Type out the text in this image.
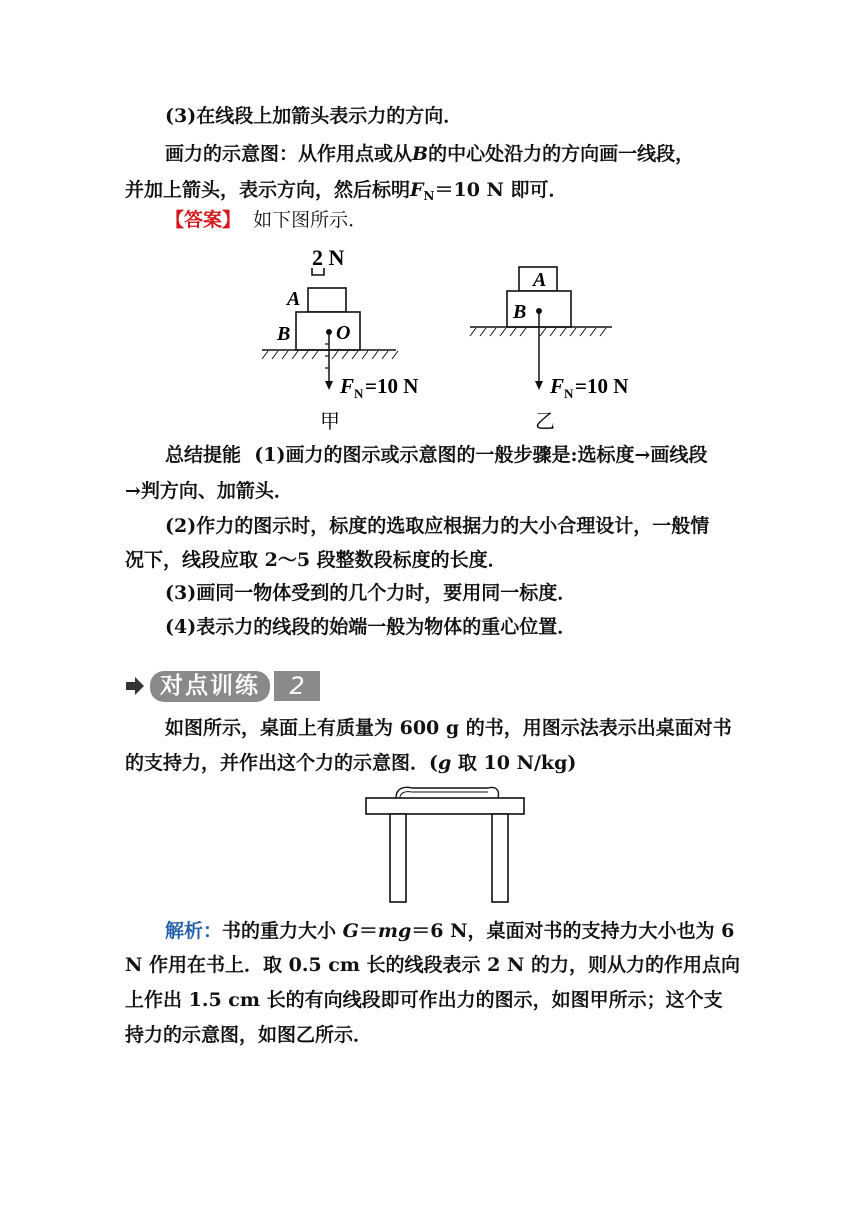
(3)在线段上加箭头表示力的方向．
画力的示意图：从作用点或从B的中心处沿力的方向画一线段，
并加上箭头，表示方向，然后标明$F_N=10$ N 即可．
【答案】 如下图所示．
2 N
A
B O
F N =10 N
甲
A
B
F N =10 N
乙
总结提能 (1)画力的图示或示意图的一般步骤是:选标度→画线段
→判方向、加箭头．
(2)作力的图示时，标度的选取应根据力的大小合理设计，一般情
况下，线段应取 2～5 段整数段标度的长度．
(3)画同一物体受到的几个力时，要用同一标度．
(4)表示力的线段的始端一般为物体的重心位置．
对点训练	2
如图所示，桌面上有质量为 600 g 的书，用图示法表示出桌面对书
的支持力，并作出这个力的示意图．(g 取 10 N/kg)
解析：书的重力大小 G＝mg＝6 N，桌面对书的支持力大小也为 6
N 作用在书上．取 0.5 cm 长的线段表示 2 N 的力，则从力的作用点向
上作出 1.5 cm 长的有向线段即可作出力的图示，如图甲所示；这个支
持力的示意图，如图乙所示．
